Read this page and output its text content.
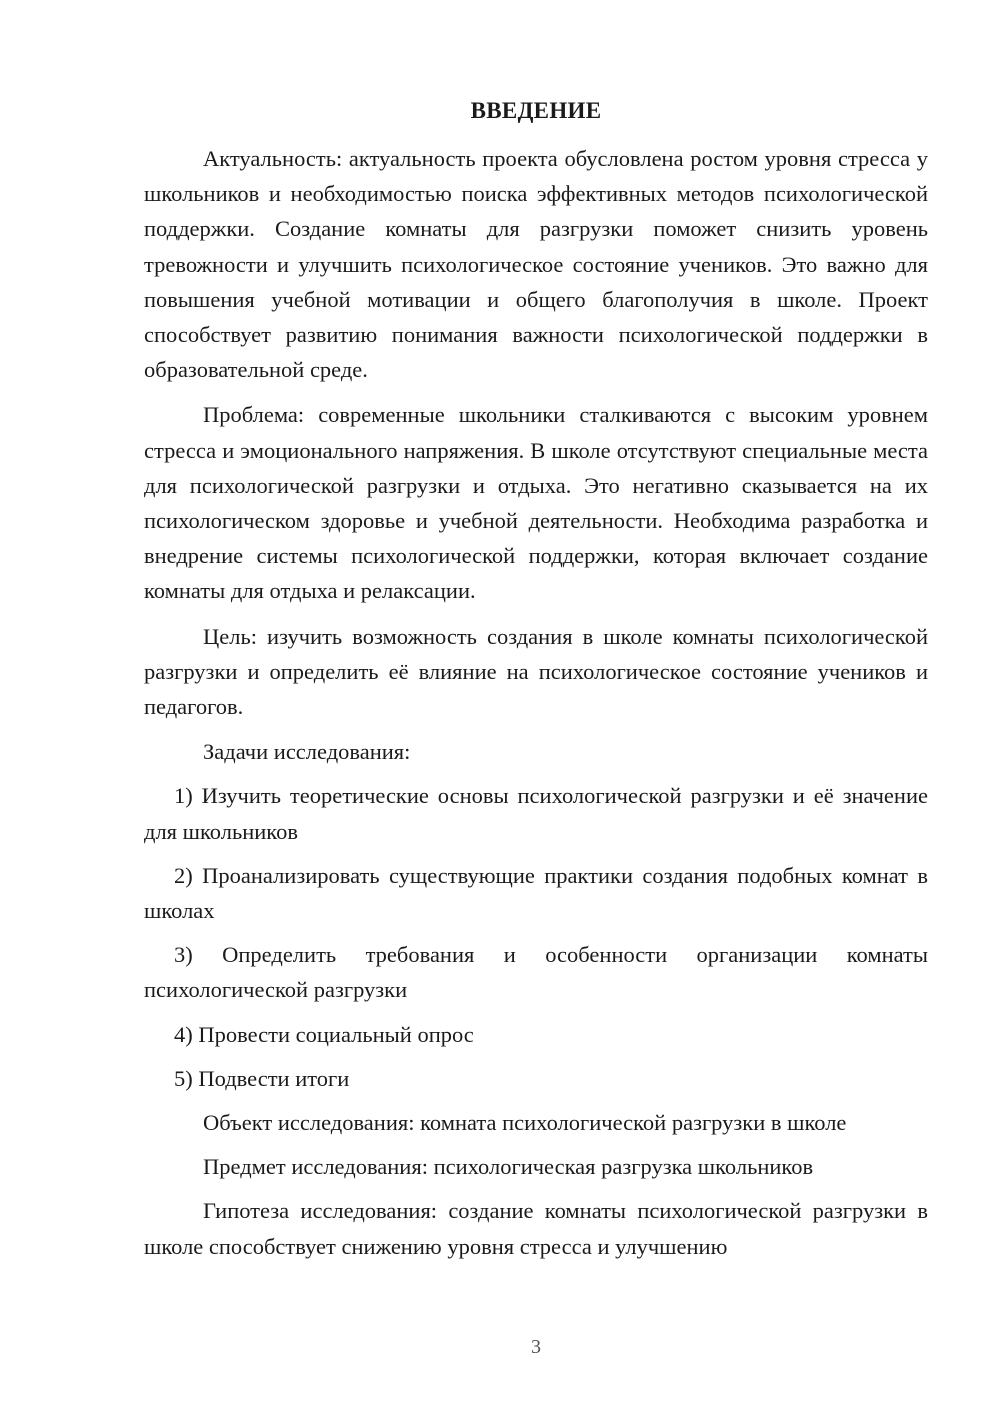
ВВЕДЕНИЕ

Актуальность: актуальность проекта обусловлена ростом уровня стресса у школьников и необходимостью поиска эффективных методов психологической поддержки. Создание комнаты для разгрузки поможет снизить уровень тревожности и улучшить психологическое состояние учеников. Это важно для повышения учебной мотивации и общего благополучия в школе. Проект способствует развитию понимания важности психологической поддержки в образовательной среде.

Проблема: современные школьники сталкиваются с высоким уровнем стресса и эмоционального напряжения. В школе отсутствуют специальные места для психологической разгрузки и отдыха. Это негативно сказывается на их психологическом здоровье и учебной деятельности. Необходима разработка и внедрение системы психологической поддержки, которая включает создание комнаты для отдыха и релаксации.

Цель: изучить возможность создания в школе комнаты психологической разгрузки и определить её влияние на психологическое состояние учеников и педагогов.

Задачи исследования:

1) Изучить теоретические основы психологической разгрузки и её значение для школьников

2) Проанализировать существующие практики создания подобных комнат в школах

3) Определить требования и особенности организации комнаты психологической разгрузки

4) Провести социальный опрос

5) Подвести итоги

Объект исследования: комната психологической разгрузки в школе

Предмет исследования: психологическая разгрузка школьников

Гипотеза исследования: создание комнаты психологической разгрузки в школе способствует снижению уровня стресса и улучшению

3
